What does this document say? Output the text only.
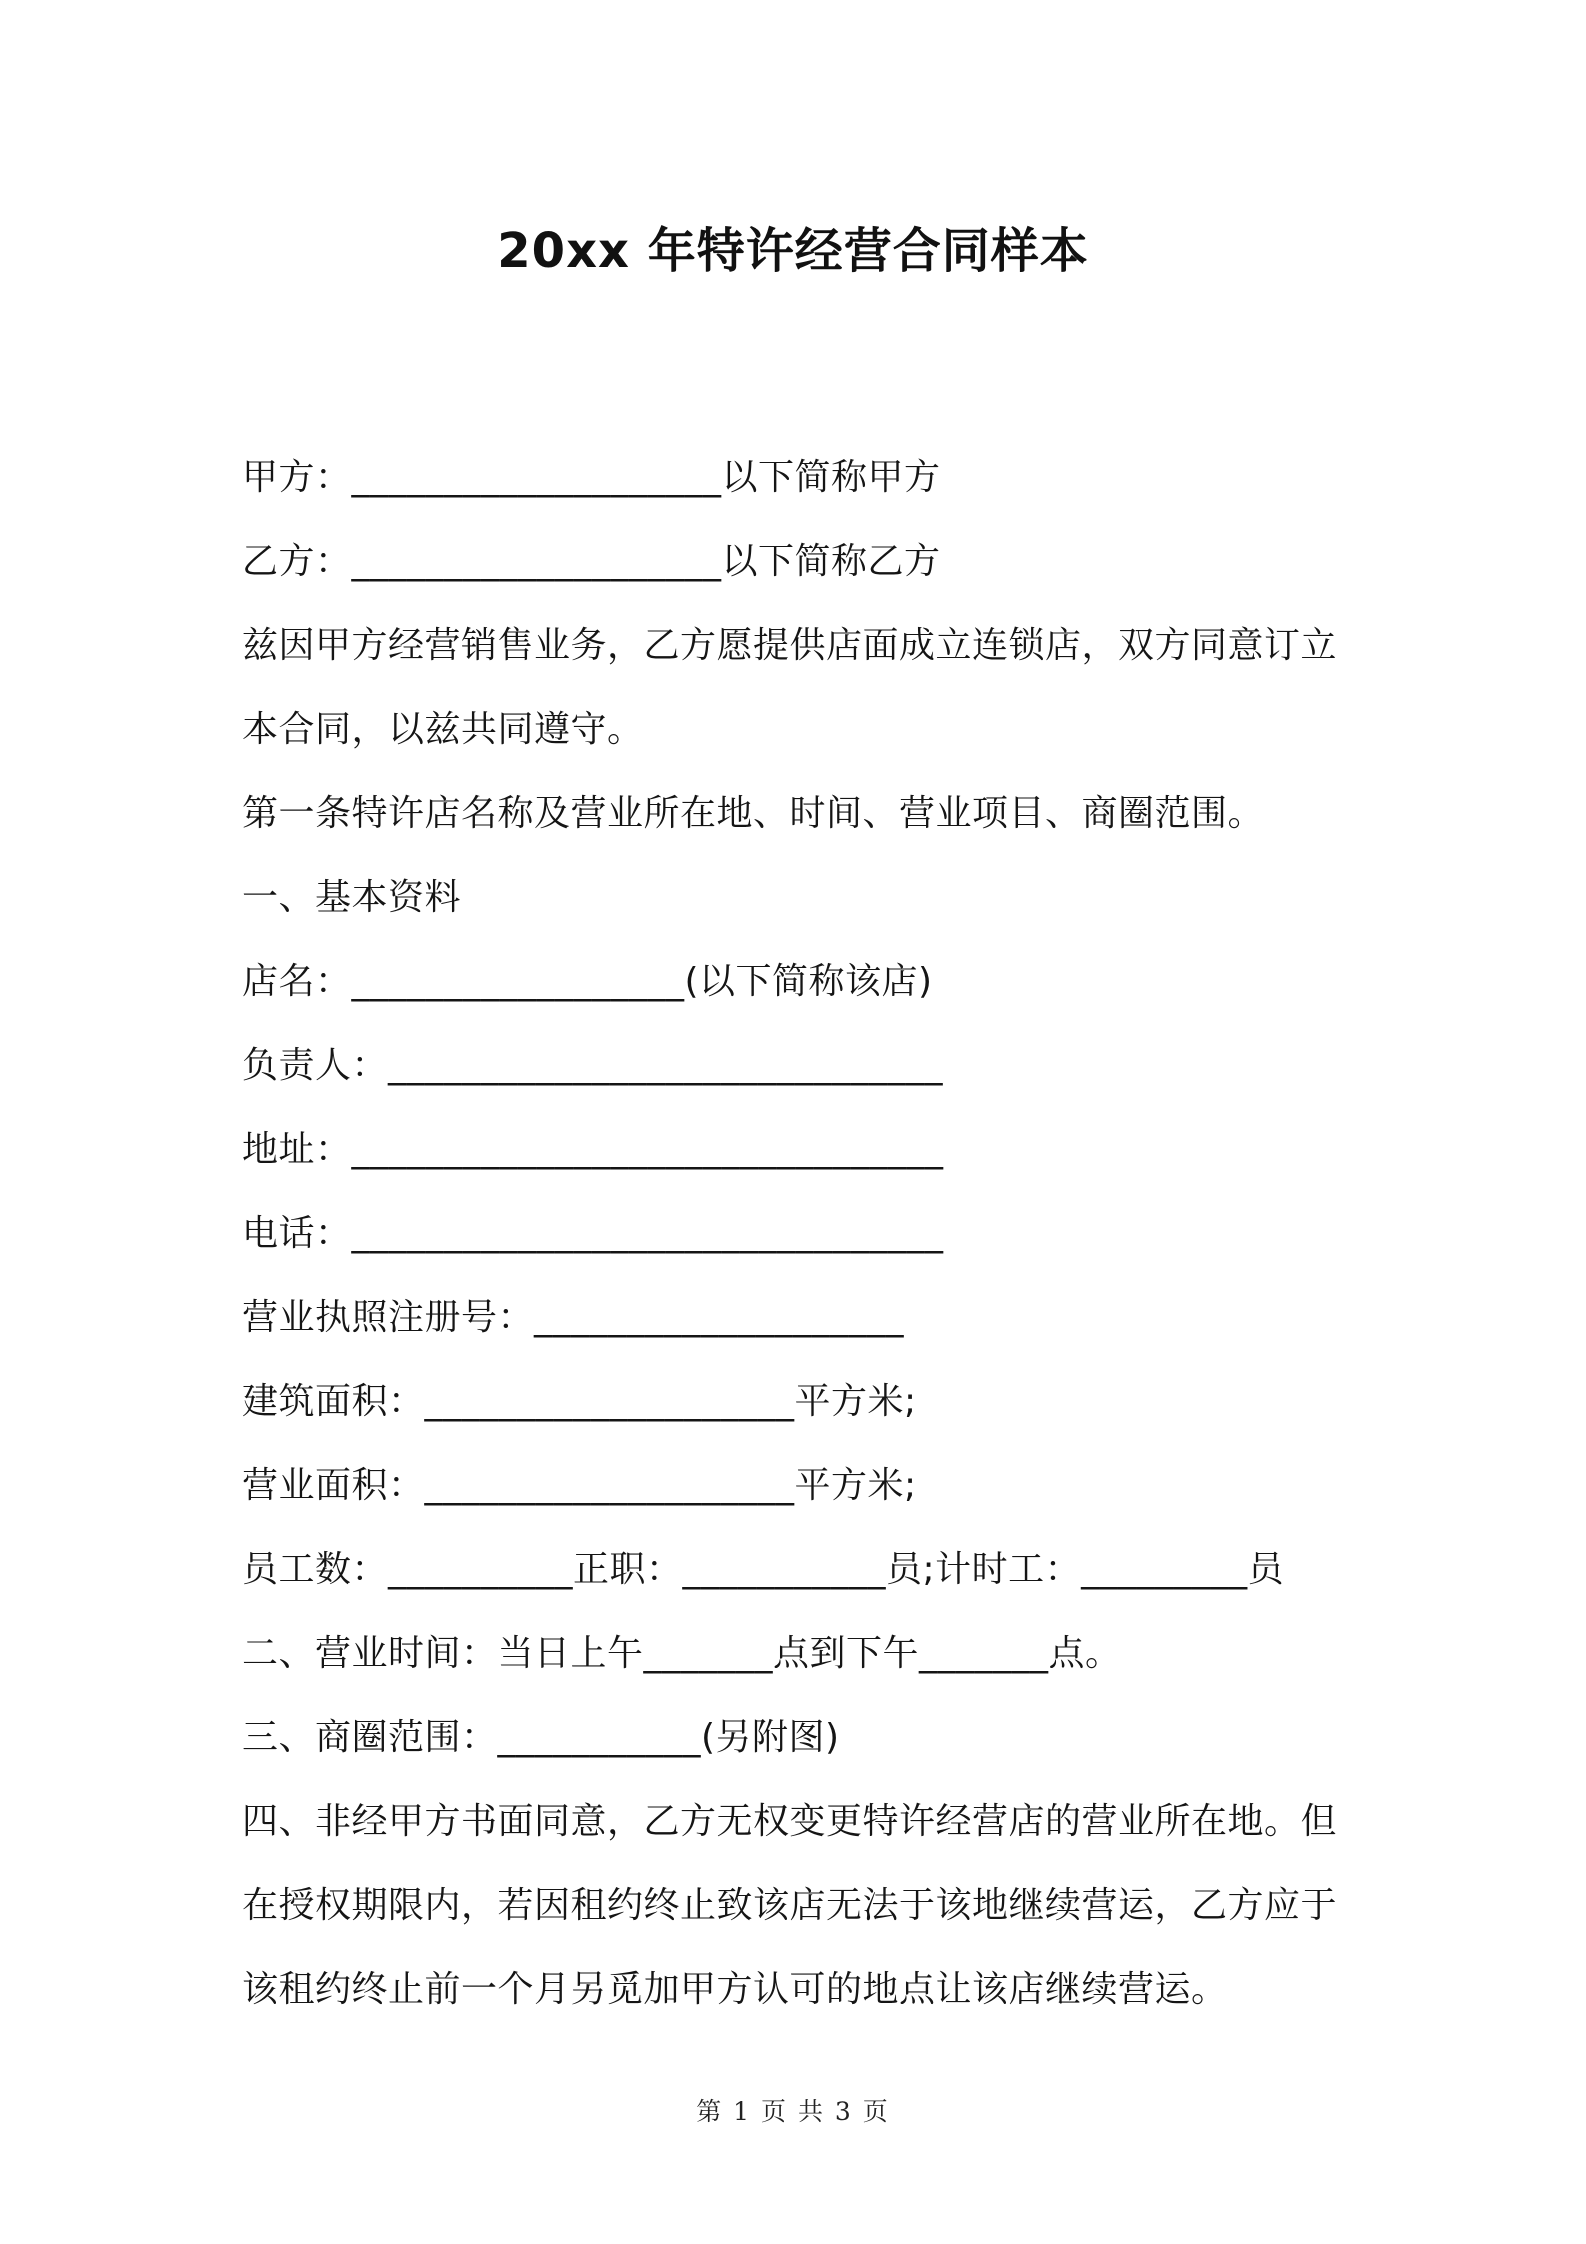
20xx 年特许经营合同样本
甲方：____________________以下简称甲方
乙方：____________________以下简称乙方
兹因甲方经营销售业务，乙方愿提供店面成立连锁店，双方同意订立
本合同，以兹共同遵守。
第一条特许店名称及营业所在地、时间、营业项目、商圈范围。
一、基本资料
店名：__________________(以下简称该店)
负责人：______________________________
地址：________________________________
电话：________________________________
营业执照注册号：____________________
建筑面积：____________________平方米;
营业面积：____________________平方米;
员工数：__________正职：___________员;计时工：_________员
二、营业时间：当日上午_______点到下午_______点。
三、商圈范围：___________(另附图)
四、非经甲方书面同意，乙方无权变更特许经营店的营业所在地。但
在授权期限内，若因租约终止致该店无法于该地继续营运，乙方应于
该租约终止前一个月另觅加甲方认可的地点让该店继续营运。
第 1 页 共 3 页
